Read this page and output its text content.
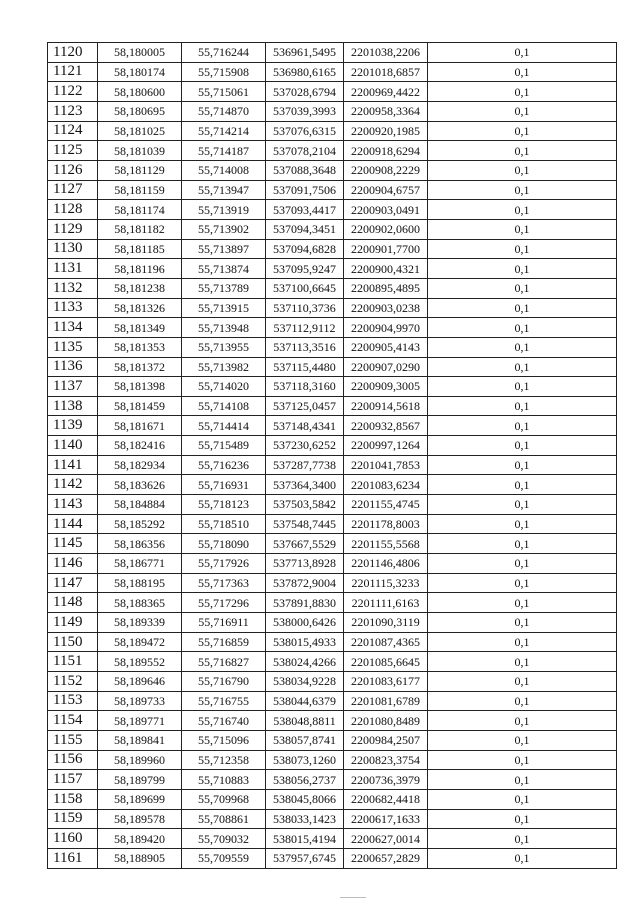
1120	58,180005	55,716244	536961,5495	2201038,2206	0,1
1121	58,180174	55,715908	536980,6165	2201018,6857	0,1
1122	58,180600	55,715061	537028,6794	2200969,4422	0,1
1123	58,180695	55,714870	537039,3993	2200958,3364	0,1
1124	58,181025	55,714214	537076,6315	2200920,1985	0,1
1125	58,181039	55,714187	537078,2104	2200918,6294	0,1
1126	58,181129	55,714008	537088,3648	2200908,2229	0,1
1127	58,181159	55,713947	537091,7506	2200904,6757	0,1
1128	58,181174	55,713919	537093,4417	2200903,0491	0,1
1129	58,181182	55,713902	537094,3451	2200902,0600	0,1
1130	58,181185	55,713897	537094,6828	2200901,7700	0,1
1131	58,181196	55,713874	537095,9247	2200900,4321	0,1
1132	58,181238	55,713789	537100,6645	2200895,4895	0,1
1133	58,181326	55,713915	537110,3736	2200903,0238	0,1
1134	58,181349	55,713948	537112,9112	2200904,9970	0,1
1135	58,181353	55,713955	537113,3516	2200905,4143	0,1
1136	58,181372	55,713982	537115,4480	2200907,0290	0,1
1137	58,181398	55,714020	537118,3160	2200909,3005	0,1
1138	58,181459	55,714108	537125,0457	2200914,5618	0,1
1139	58,181671	55,714414	537148,4341	2200932,8567	0,1
1140	58,182416	55,715489	537230,6252	2200997,1264	0,1
1141	58,182934	55,716236	537287,7738	2201041,7853	0,1
1142	58,183626	55,716931	537364,3400	2201083,6234	0,1
1143	58,184884	55,718123	537503,5842	2201155,4745	0,1
1144	58,185292	55,718510	537548,7445	2201178,8003	0,1
1145	58,186356	55,718090	537667,5529	2201155,5568	0,1
1146	58,186771	55,717926	537713,8928	2201146,4806	0,1
1147	58,188195	55,717363	537872,9004	2201115,3233	0,1
1148	58,188365	55,717296	537891,8830	2201111,6163	0,1
1149	58,189339	55,716911	538000,6426	2201090,3119	0,1
1150	58,189472	55,716859	538015,4933	2201087,4365	0,1
1151	58,189552	55,716827	538024,4266	2201085,6645	0,1
1152	58,189646	55,716790	538034,9228	2201083,6177	0,1
1153	58,189733	55,716755	538044,6379	2201081,6789	0,1
1154	58,189771	55,716740	538048,8811	2201080,8489	0,1
1155	58,189841	55,715096	538057,8741	2200984,2507	0,1
1156	58,189960	55,712358	538073,1260	2200823,3754	0,1
1157	58,189799	55,710883	538056,2737	2200736,3979	0,1
1158	58,189699	55,709968	538045,8066	2200682,4418	0,1
1159	58,189578	55,708861	538033,1423	2200617,1633	0,1
1160	58,189420	55,709032	538015,4194	2200627,0014	0,1
1161	58,188905	55,709559	537957,6745	2200657,2829	0,1
